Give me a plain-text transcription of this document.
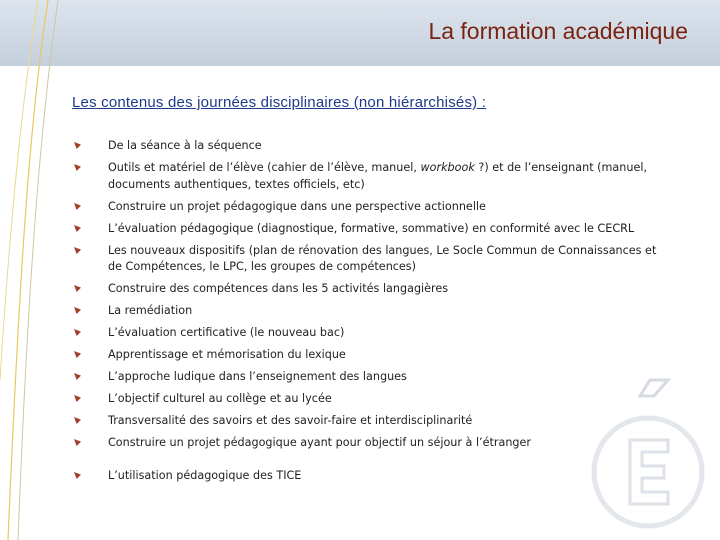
La formation académique
Les contenus des journées disciplinaires (non hiérarchisés) :
De la séance à la séquence
Outils et matériel de l’élève (cahier de l’élève, manuel, workbook ?) et de l’enseignant (manuel, documents authentiques, textes officiels, etc)
Construire un projet pédagogique dans une perspective actionnelle
L’évaluation pédagogique (diagnostique, formative, sommative) en conformité avec le CECRL
Les nouveaux dispositifs (plan de rénovation des langues, Le Socle Commun de Connaissances et de Compétences, le LPC, les groupes de compétences)
Construire des compétences dans les 5 activités langagières
La remédiation
L’évaluation certificative (le nouveau bac)
Apprentissage et mémorisation du lexique
L’approche ludique dans l’enseignement des langues
L’objectif culturel au collège et au lycée
Transversalité des savoirs et des savoir-faire et interdisciplinarité
Construire un projet pédagogique ayant pour objectif un séjour à l’étranger
L’utilisation pédagogique des TICE
